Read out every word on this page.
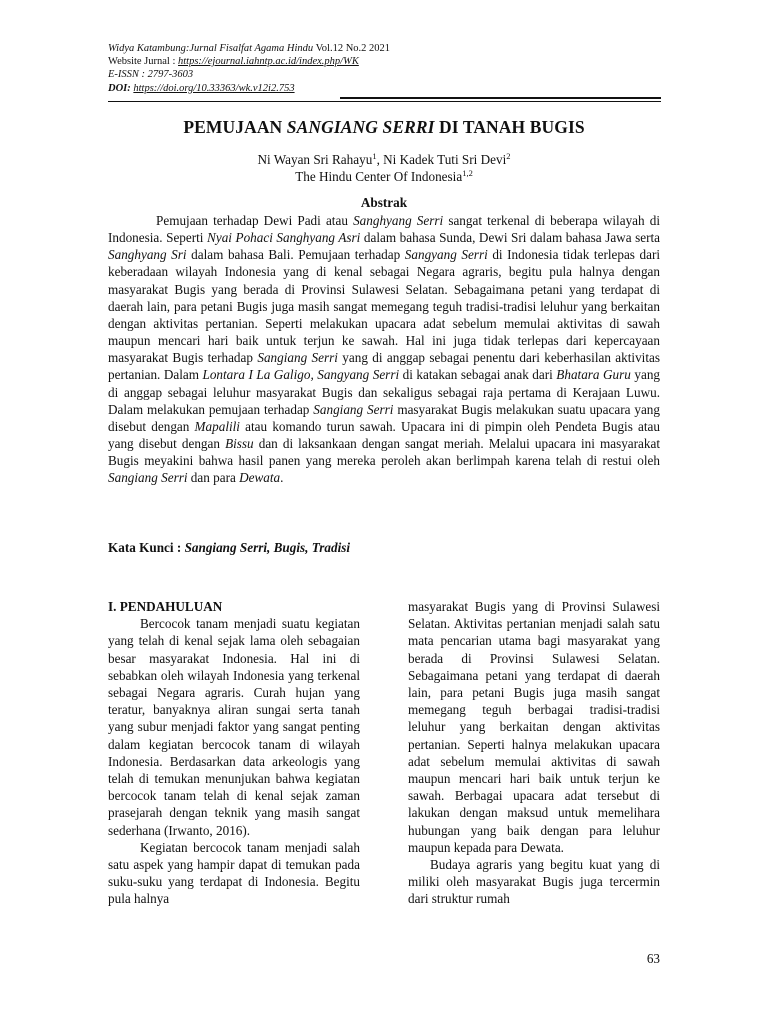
Widya Katambung:Jurnal Fisalfat Agama Hindu Vol.12 No.2 2021
Website Jurnal : https://ejournal.iahntp.ac.id/index.php/WK
E-ISSN : 2797-3603
DOI: https://doi.org/10.33363/wk.v12i2.753
PEMUJAAN SANGIANG SERRI DI TANAH BUGIS
Ni Wayan Sri Rahayu$^1$, Ni Kadek Tuti Sri Devi$^2$
The Hindu Center Of Indonesia$^{1,2}$
Abstrak

Pemujaan terhadap Dewi Padi atau Sanghyang Serri sangat terkenal di beberapa wilayah di Indonesia. Seperti Nyai Pohaci Sanghyang Asri dalam bahasa Sunda, Dewi Sri dalam bahasa Jawa serta Sanghyang Sri dalam bahasa Bali. Pemujaan terhadap Sangyang Serri di Indonesia tidak terlepas dari keberadaan wilayah Indonesia yang di kenal sebagai Negara agraris, begitu pula halnya dengan masyarakat Bugis yang berada di Provinsi Sulawesi Selatan. Sebagaimana petani yang terdapat di daerah lain, para petani Bugis juga masih sangat memegang teguh tradisi-tradisi leluhur yang berkaitan dengan aktivitas pertanian. Seperti melakukan upacara adat sebelum memulai aktivitas di sawah maupun mencari hari baik untuk terjun ke sawah. Hal ini juga tidak terlepas dari kepercayaan masyarakat Bugis terhadap Sangiang Serri yang di anggap sebagai penentu dari keberhasilan aktivitas pertanian. Dalam Lontara I La Galigo, Sangyang Serri di katakan sebagai anak dari Bhatara Guru yang di anggap sebagai leluhur masyarakat Bugis dan sekaligus sebagai raja pertama di Kerajaan Luwu. Dalam melakukan pemujaan terhadap Sangiang Serri masyarakat Bugis melakukan suatu upacara yang disebut dengan Mapalili atau komando turun sawah. Upacara ini di pimpin oleh Pendeta Bugis atau yang disebut dengan Bissu dan di laksankaan dengan sangat meriah. Melalui upacara ini masyarakat Bugis meyakini bahwa hasil panen yang mereka peroleh akan berlimpah karena telah di restui oleh Sangiang Serri dan para Dewata.

Kata Kunci : Sangiang Serri, Bugis, Tradisi

I. PENDAHULUAN

Bercocok tanam menjadi suatu kegiatan yang telah di kenal sejak lama oleh sebagaian besar masyarakat Indonesia. Hal ini di sebabkan oleh wilayah Indonesia yang terkenal sebagai Negara agraris. Curah hujan yang teratur, banyaknya aliran sungai serta tanah yang subur menjadi faktor yang sangat penting dalam kegiatan bercocok tanam di wilayah Indonesia. Berdasarkan data arkeologis yang telah di temukan menunjukan bahwa kegiatan bercocok tanam telah di kenal sejak zaman prasejarah dengan teknik yang masih sangat sederhana (Irwanto, 2016).

Kegiatan bercocok tanam menjadi salah satu aspek yang hampir dapat di temukan pada suku-suku yang terdapat di Indonesia. Begitu pula halnya

masyarakat Bugis yang di Provinsi Sulawesi Selatan. Aktivitas pertanian menjadi salah satu mata pencarian utama bagi masyarakat yang berada di Provinsi Sulawesi Selatan. Sebagaimana petani yang terdapat di daerah lain, para petani Bugis juga masih sangat memegang teguh berbagai tradisi-tradisi leluhur yang berkaitan dengan aktivitas pertanian. Seperti halnya melakukan upacara adat sebelum memulai aktivitas di sawah maupun mencari hari baik untuk terjun ke sawah. Berbagai upacara adat tersebut di lakukan dengan maksud untuk memelihara hubungan yang baik dengan para leluhur maupun kepada para Dewata.

Budaya agraris yang begitu kuat yang di miliki oleh masyarakat Bugis juga tercermin dari struktur rumah

63
